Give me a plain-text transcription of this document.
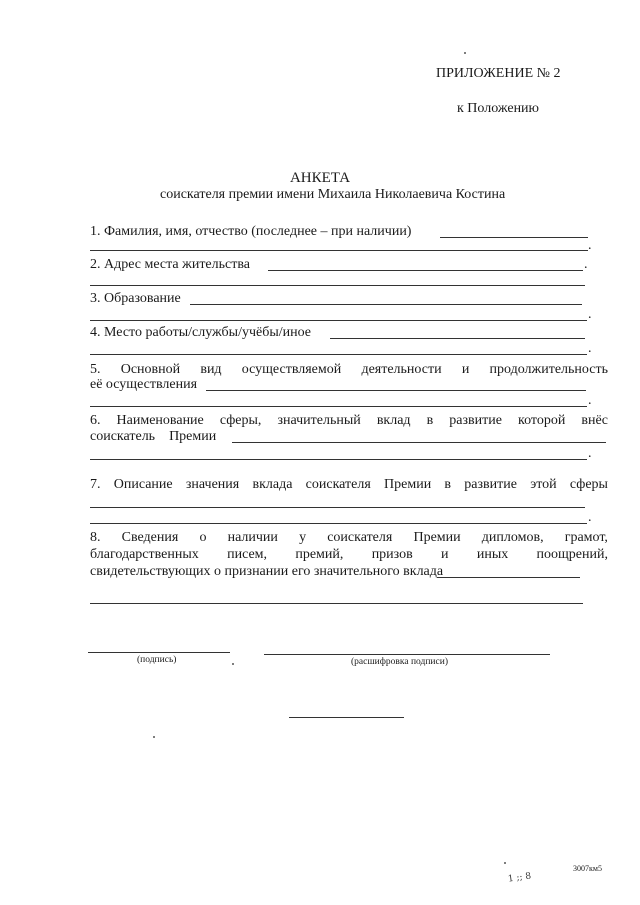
ПРИЛОЖЕНИЕ № 2
к Положению
АНКЕТА
соискателя премии имени Михаила Николаевича Костина
1. Фамилия, имя, отчество (последнее – при наличии)
.
2. Адрес места жительства	.
3. Образование
.
4. Место работы/службы/учёбы/иное
.
5. Основной вид осуществляемой деятельности и продолжительность
её осуществления
.
6. Наименование сферы, значительный вклад в развитие которой внёс
соискатель    Премии
.
7. Описание значения вклада соискателя Премии в развитие этой сферы
.
8. Сведения о наличии у соискателя Премии дипломов, грамот,
благодарственных писем, премий, призов и иных поощрений,
свидетельствующих о признании его значительного вклада
(подпись)	(расшифровка подписи)
1 ;; 8
3007км5
